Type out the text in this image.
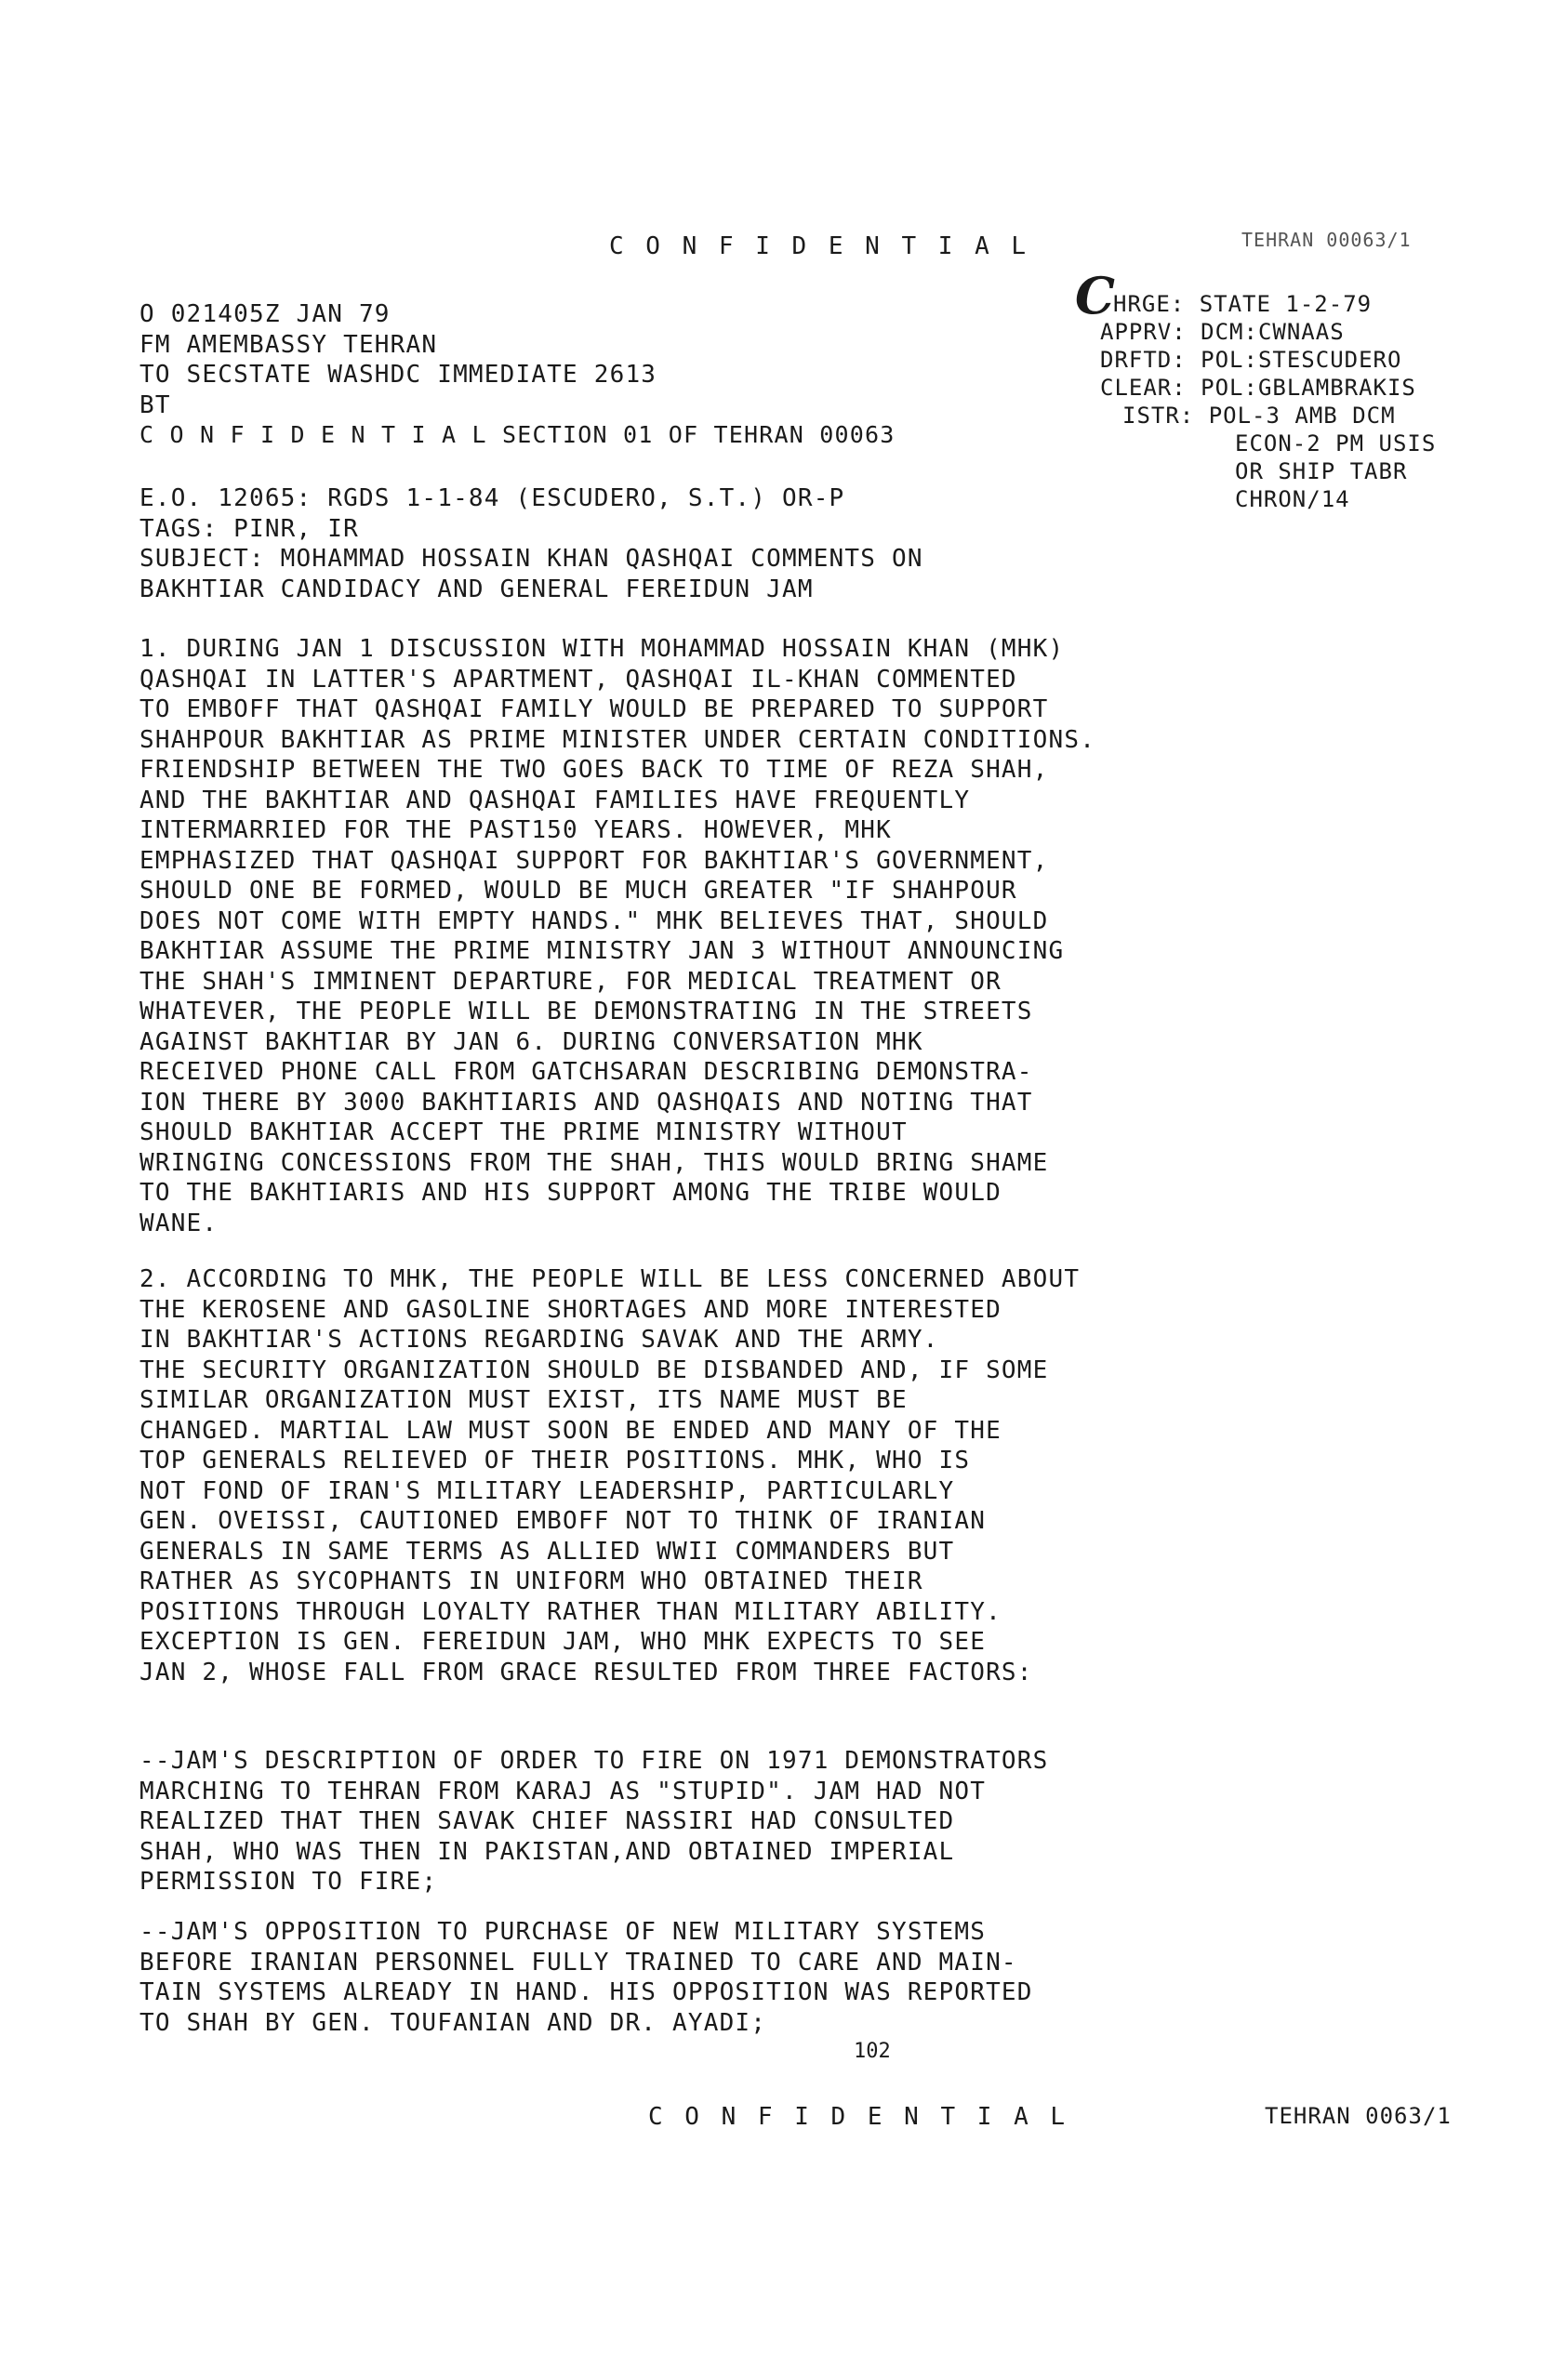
C O N F I D E N T I A L	TEHRAN 00063/1
O 021405Z JAN 79
FM AMEMBASSY TEHRAN
TO SECSTATE WASHDC IMMEDIATE 2613
BT
C O N F I D E N T I A L SECTION 01 OF TEHRAN 00063
C
HRGE: STATE 1-2-79
APPRV: DCM:CWNAAS
DRFTD: POL:STESCUDERO
CLEAR: POL:GBLAMBRAKIS
ISTR: POL-3 AMB DCM
ECON-2 PM USIS
OR SHIP TABR
CHRON/14
E.O. 12065: RGDS 1-1-84 (ESCUDERO, S.T.) OR-P
TAGS: PINR, IR
SUBJECT: MOHAMMAD HOSSAIN KHAN QASHQAI COMMENTS ON
BAKHTIAR CANDIDACY AND GENERAL FEREIDUN JAM
1. DURING JAN 1 DISCUSSION WITH MOHAMMAD HOSSAIN KHAN (MHK)
QASHQAI IN LATTER'S APARTMENT, QASHQAI IL-KHAN COMMENTED
TO EMBOFF THAT QASHQAI FAMILY WOULD BE PREPARED TO SUPPORT
SHAHPOUR BAKHTIAR AS PRIME MINISTER UNDER CERTAIN CONDITIONS.
FRIENDSHIP BETWEEN THE TWO GOES BACK TO TIME OF REZA SHAH,
AND THE BAKHTIAR AND QASHQAI FAMILIES HAVE FREQUENTLY
INTERMARRIED FOR THE PAST150 YEARS. HOWEVER, MHK
EMPHASIZED THAT QASHQAI SUPPORT FOR BAKHTIAR'S GOVERNMENT,
SHOULD ONE BE FORMED, WOULD BE MUCH GREATER "IF SHAHPOUR
DOES NOT COME WITH EMPTY HANDS." MHK BELIEVES THAT, SHOULD
BAKHTIAR ASSUME THE PRIME MINISTRY JAN 3 WITHOUT ANNOUNCING
THE SHAH'S IMMINENT DEPARTURE, FOR MEDICAL TREATMENT OR
WHATEVER, THE PEOPLE WILL BE DEMONSTRATING IN THE STREETS
AGAINST BAKHTIAR BY JAN 6. DURING CONVERSATION MHK
RECEIVED PHONE CALL FROM GATCHSARAN DESCRIBING DEMONSTRA-
ION THERE BY 3000 BAKHTIARIS AND QASHQAIS AND NOTING THAT
SHOULD BAKHTIAR ACCEPT THE PRIME MINISTRY WITHOUT
WRINGING CONCESSIONS FROM THE SHAH, THIS WOULD BRING SHAME
TO THE BAKHTIARIS AND HIS SUPPORT AMONG THE TRIBE WOULD
WANE.
2. ACCORDING TO MHK, THE PEOPLE WILL BE LESS CONCERNED ABOUT
THE KEROSENE AND GASOLINE SHORTAGES AND MORE INTERESTED
IN BAKHTIAR'S ACTIONS REGARDING SAVAK AND THE ARMY.
THE SECURITY ORGANIZATION SHOULD BE DISBANDED AND, IF SOME
SIMILAR ORGANIZATION MUST EXIST, ITS NAME MUST BE
CHANGED. MARTIAL LAW MUST SOON BE ENDED AND MANY OF THE
TOP GENERALS RELIEVED OF THEIR POSITIONS. MHK, WHO IS
NOT FOND OF IRAN'S MILITARY LEADERSHIP, PARTICULARLY
GEN. OVEISSI, CAUTIONED EMBOFF NOT TO THINK OF IRANIAN
GENERALS IN SAME TERMS AS ALLIED WWII COMMANDERS BUT
RATHER AS SYCOPHANTS IN UNIFORM WHO OBTAINED THEIR
POSITIONS THROUGH LOYALTY RATHER THAN MILITARY ABILITY.
EXCEPTION IS GEN. FEREIDUN JAM, WHO MHK EXPECTS TO SEE
JAN 2, WHOSE FALL FROM GRACE RESULTED FROM THREE FACTORS:
--JAM'S DESCRIPTION OF ORDER TO FIRE ON 1971 DEMONSTRATORS
MARCHING TO TEHRAN FROM KARAJ AS "STUPID". JAM HAD NOT
REALIZED THAT THEN SAVAK CHIEF NASSIRI HAD CONSULTED
SHAH, WHO WAS THEN IN PAKISTAN,AND OBTAINED IMPERIAL
PERMISSION TO FIRE;
--JAM'S OPPOSITION TO PURCHASE OF NEW MILITARY SYSTEMS
BEFORE IRANIAN PERSONNEL FULLY TRAINED TO CARE AND MAIN-
TAIN SYSTEMS ALREADY IN HAND. HIS OPPOSITION WAS REPORTED
TO SHAH BY GEN. TOUFANIAN AND DR. AYADI;
102
C O N F I D E N T I A L	TEHRAN 0063/1
